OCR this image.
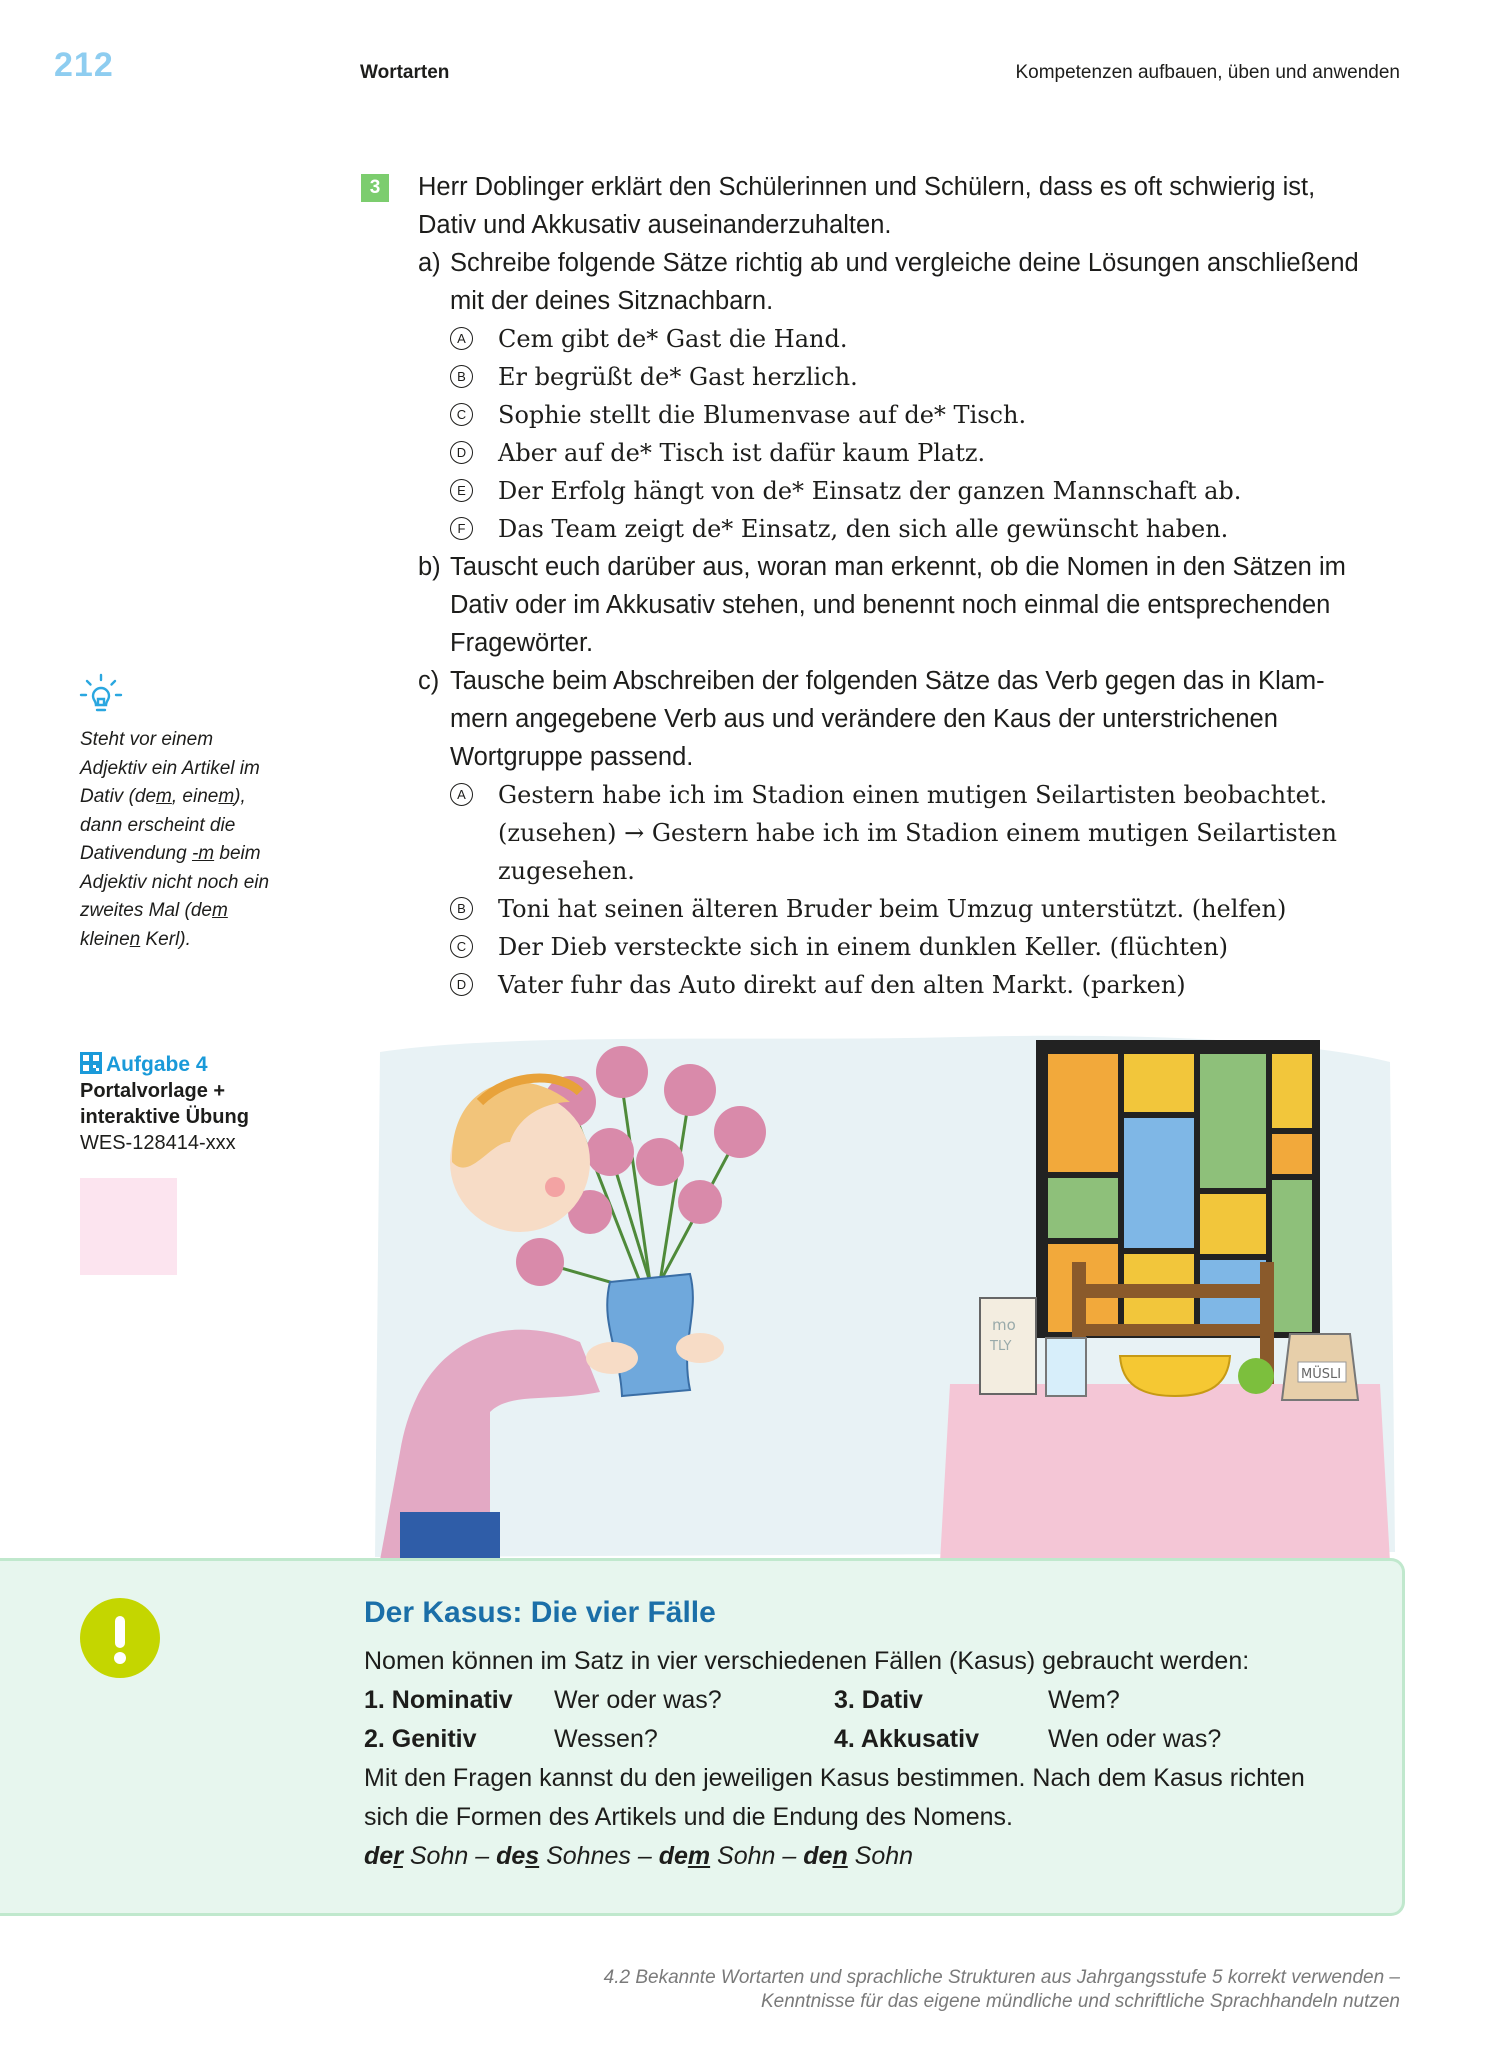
212	Wortarten	Kompetenzen aufbauen, üben und anwenden
3	Herr Doblinger erklärt den Schülerinnen und Schülern, dass es oft schwierig ist,
Dativ und Akkusativ auseinanderzuhalten.
a) Schreibe folgende Sätze richtig ab und vergleiche deine Lösungen anschließend
mit der deines Sitznachbarn.
A Cem gibt de* Gast die Hand.
B Er begrüßt de* Gast herzlich.
C Sophie stellt die Blumenvase auf de* Tisch.
D Aber auf de* Tisch ist dafür kaum Platz.
E Der Erfolg hängt von de* Einsatz der ganzen Mannschaft ab.
F	Das Team zeigt de* Einsatz, den sich alle gewünscht haben.
b) Tauscht euch darüber aus, woran man erkennt, ob die Nomen in den Sätzen im
Dativ oder im Akkusativ stehen, und benennt noch einmal die entsprechenden
Fragewörter.
c) Tausche beim Abschreiben der folgenden Sätze das Verb gegen das in Klam-
mern angegebene Verb aus und verändere den Kaus der unterstrichenen
Wortgruppe passend.
A Gestern habe ich im Stadion einen mutigen Seilartisten beobachtet.
(zusehen) → Gestern habe ich im Stadion einem mutigen Seilartisten
zugesehen.
B Toni hat seinen älteren Bruder beim Umzug unterstützt. (helfen)
C Der Dieb versteckte sich in einem dunklen Keller. (flüchten)
D Vater fuhr das Auto direkt auf den alten Markt. (parken)
Steht vor einem
Adjektiv ein Artikel im
Dativ (dem, einem),
dann erscheint die
Dativendung -m beim
Adjektiv nicht noch ein
zweites Mal (dem
kleinen Kerl).
Aufgabe 4
Portalvorlage +
interaktive Übung
WES-128414-xxx
mo
TLY
MÜSLI
Der Kasus: Die vier Fälle
Nomen können im Satz in vier verschiedenen Fällen (Kasus) gebraucht werden:
1. Nominativ Wer oder was?	3. Dativ	Wem?
2. Genitiv	Wessen?	4. Akkusativ	Wen oder was?
Mit den Fragen kannst du den jeweiligen Kasus bestimmen. Nach dem Kasus richten
sich die Formen des Artikels und die Endung des Nomens.
der Sohn – des Sohnes – dem Sohn – den Sohn
4.2 Bekannte Wortarten und sprachliche Strukturen aus Jahrgangsstufe 5 korrekt verwenden –
Kenntnisse für das eigene mündliche und schriftliche Sprachhandeln nutzen
